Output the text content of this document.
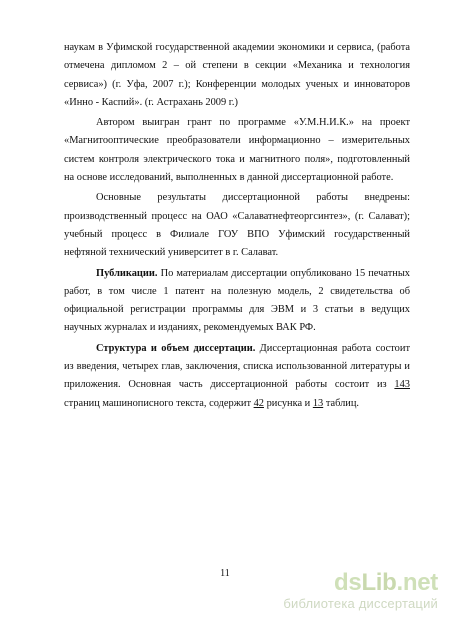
наукам в Уфимской государственной академии экономики и сервиса, (работа отмечена дипломом 2 – ой степени в секции «Механика и технология сервиса») (г. Уфа, 2007 г.); Конференции молодых ученых и инноваторов «Инно - Каспий». (г. Астрахань 2009 г.)

Автором выигран грант по программе «У.М.Н.И.К.» на проект «Магнитооптические преобразователи информационно – измерительных систем контроля электрического тока и магнитного поля», подготовленный на основе исследований, выполненных в данной диссертационной работе.

Основные результаты диссертационной работы внедрены: производственный процесс на ОАО «Салаватнефтеоргсинтез», (г. Салават); учебный процесс в Филиале ГОУ ВПО Уфимский государственный нефтяной технический университет в г. Салават.

Публикации. По материалам диссертации опубликовано 15 печатных работ, в том числе 1 патент на полезную модель, 2 свидетельства об официальной регистрации программы для ЭВМ и 3 статьи в ведущих научных журналах и изданиях, рекомендуемых ВАК РФ.

Структура и объем диссертации. Диссертационная работа состоит из введения, четырех глав, заключения, списка использованной литературы и приложения. Основная часть диссертационной работы состоит из 143 страниц машинописного текста, содержит 42 рисунка и 13 таблиц.

11	dsLib.net
библиотека диссертаций
